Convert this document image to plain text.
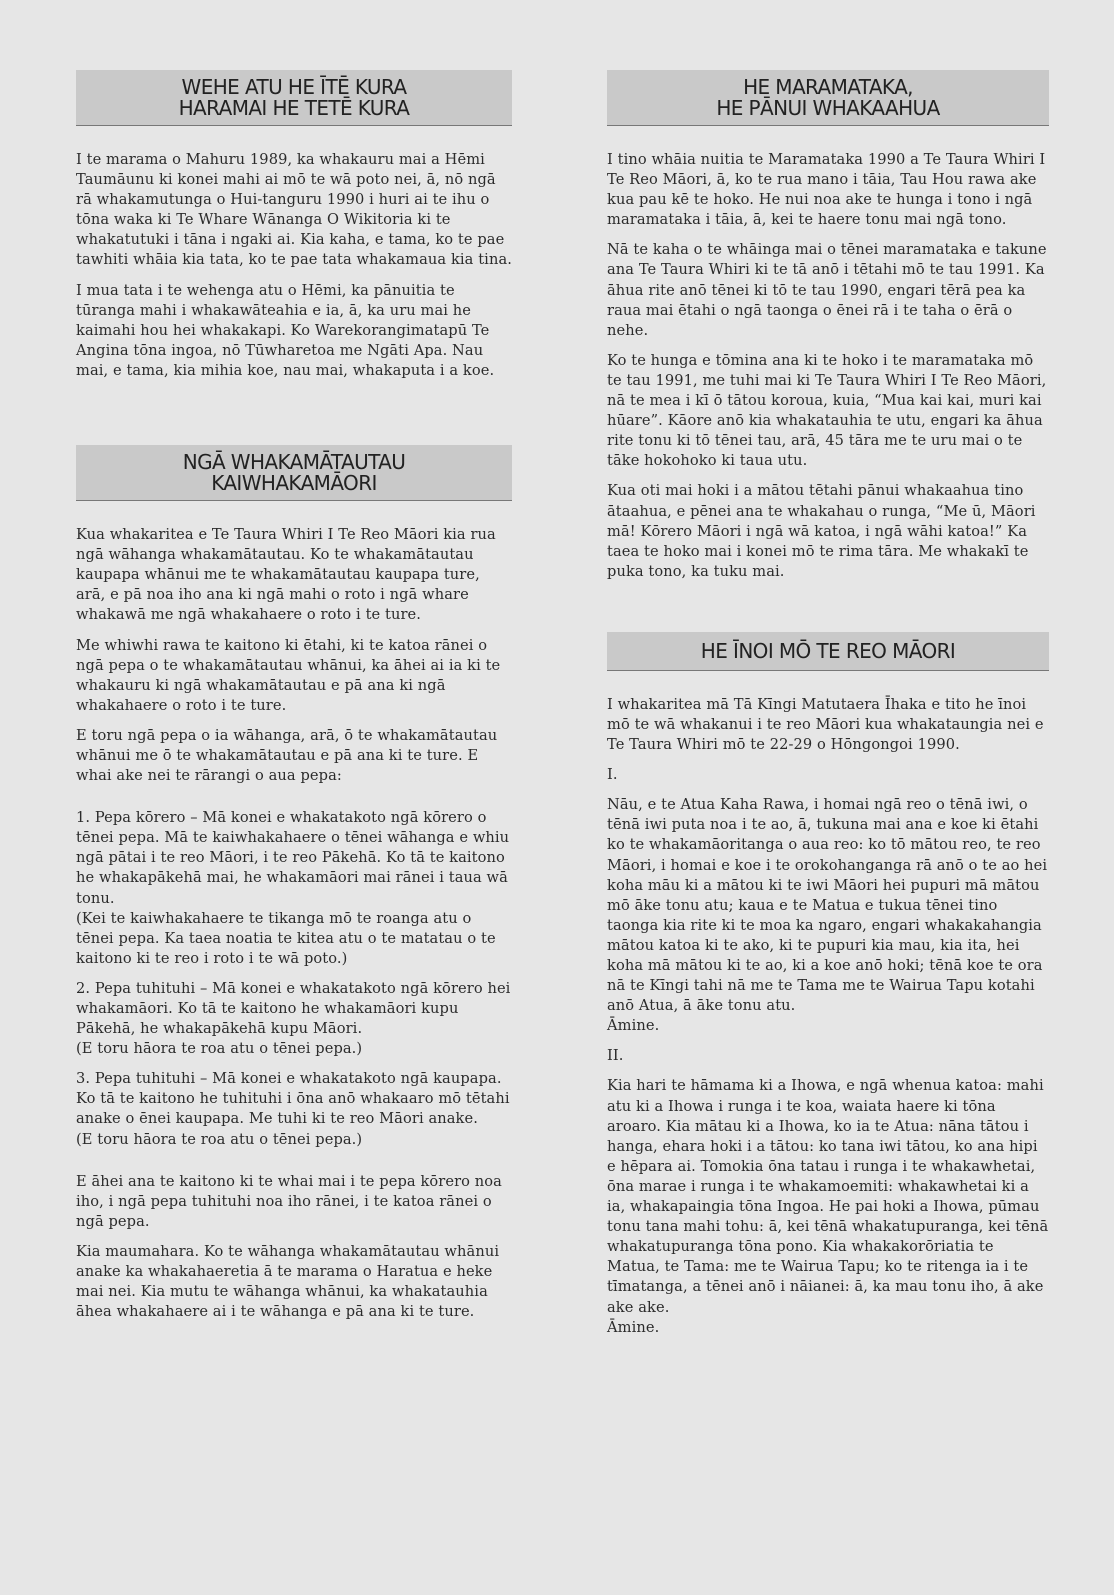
WEHE ATU HE ĪTĒ KURA
HARAMAI HE TETĒ KURA

I te marama o Mahuru 1989, ka whakauru mai a Hēmi Taumāunu ki konei mahi ai mō te wā poto nei, ā, nō ngā rā whakamutunga o Hui-tanguru 1990 i huri ai te ihu o tōna waka ki Te Whare Wānanga O Wikitoria ki te whakatutuki i tāna i ngaki ai. Kia kaha, e tama, ko te pae tawhiti whāia kia tata, ko te pae tata whakamaua kia tina.

I mua tata i te wehenga atu o Hēmi, ka pānuitia te tūranga mahi i whakawāteahia e ia, ā, ka uru mai he kaimahi hou hei whakakapi. Ko Warekorangimatapū Te Angina tōna ingoa, nō Tūwharetoa me Ngāti Apa. Nau mai, e tama, kia mihia koe, nau mai, whakaputa i a koe.

NGĀ WHAKAMĀTAUTAU
KAIWHAKAMĀORI

Kua whakaritea e Te Taura Whiri I Te Reo Māori kia rua ngā wāhanga whakamātautau. Ko te whakamātautau kaupapa whānui me te whakamātautau kaupapa ture, arā, e pā noa iho ana ki ngā mahi o roto i ngā whare whakawā me ngā whakahaere o roto i te ture.

Me whiwhi rawa te kaitono ki ētahi, ki te katoa rānei o ngā pepa o te whakamātautau whānui, ka āhei ai ia ki te whakauru ki ngā whakamātautau e pā ana ki ngā whakahaere o roto i te ture.

E toru ngā pepa o ia wāhanga, arā, ō te whakamātautau whānui me ō te whakamātautau e pā ana ki te ture. E whai ake nei te rārangi o aua pepa:

1. Pepa kōrero – Mā konei e whakatakoto ngā kōrero o tēnei pepa. Mā te kaiwhakahaere o tēnei wāhanga e whiu ngā pātai i te reo Māori, i te reo Pākehā. Ko tā te kaitono he whakapākehā mai, he whakamāori mai rānei i taua wā tonu.
(Kei te kaiwhakahaere te tikanga mō te roanga atu o tēnei pepa. Ka taea noatia te kitea atu o te matatau o te kaitono ki te reo i roto i te wā poto.)

2. Pepa tuhituhi – Mā konei e whakatakoto ngā kōrero hei whakamāori. Ko tā te kaitono he whakamāori kupu Pākehā, he whakapākehā kupu Māori.
(E toru hāora te roa atu o tēnei pepa.)

3. Pepa tuhituhi – Mā konei e whakatakoto ngā kaupapa. Ko tā te kaitono he tuhituhi i ōna anō whakaaro mō tētahi anake o ēnei kaupapa. Me tuhi ki te reo Māori anake.
(E toru hāora te roa atu o tēnei pepa.)

E āhei ana te kaitono ki te whai mai i te pepa kōrero noa iho, i ngā pepa tuhituhi noa iho rānei, i te katoa rānei o ngā pepa.

Kia maumahara. Ko te wāhanga whakamātautau whānui anake ka whakahaeretia ā te marama o Haratua e heke mai nei. Kia mutu te wāhanga whānui, ka whakatauhia āhea whakahaere ai i te wāhanga e pā ana ki te ture.

HE MARAMATAKA,
HE PĀNUI WHAKAAHUA

I tino whāia nuitia te Maramataka 1990 a Te Taura Whiri I Te Reo Māori, ā, ko te rua mano i tāia, Tau Hou rawa ake kua pau kē te hoko. He nui noa ake te hunga i tono i ngā maramataka i tāia, ā, kei te haere tonu mai ngā tono.

Nā te kaha o te whāinga mai o tēnei maramataka e takune ana Te Taura Whiri ki te tā anō i tētahi mō te tau 1991. Ka āhua rite anō tēnei ki tō te tau 1990, engari tērā pea ka raua mai ētahi o ngā taonga o ēnei rā i te taha o ērā o nehe.

Ko te hunga e tōmina ana ki te hoko i te maramataka mō te tau 1991, me tuhi mai ki Te Taura Whiri I Te Reo Māori, nā te mea i kī ō tātou koroua, kuia, “Mua kai kai, muri kai hūare”. Kāore anō kia whakatauhia te utu, engari ka āhua rite tonu ki tō tēnei tau, arā, 45 tāra me te uru mai o te tāke hokohoko ki taua utu.

Kua oti mai hoki i a mātou tētahi pānui whakaahua tino ātaahua, e pēnei ana te whakahau o runga, “Me ū, Māori mā! Kōrero Māori i ngā wā katoa, i ngā wāhi katoa!” Ka taea te hoko mai i konei mō te rima tāra. Me whakakī te puka tono, ka tuku mai.

HE ĪNOI MŌ TE REO MĀORI

I whakaritea mā Tā Kīngi Matutaera Īhaka e tito he īnoi mō te wā whakanui i te reo Māori kua whakataungia nei e Te Taura Whiri mō te 22-29 o Hōngongoi 1990.

I.

Nāu, e te Atua Kaha Rawa, i homai ngā reo o tēnā iwi, o tēnā iwi puta noa i te ao, ā, tukuna mai ana e koe ki ētahi ko te whakamāoritanga o aua reo: ko tō mātou reo, te reo Māori, i homai e koe i te orokohanganga rā anō o te ao hei koha māu ki a mātou ki te iwi Māori hei pupuri mā mātou mō āke tonu atu; kaua e te Matua e tukua tēnei tino taonga kia rite ki te moa ka ngaro, engari whakakahangia mātou katoa ki te ako, ki te pupuri kia mau, kia ita, hei koha mā mātou ki te ao, ki a koe anō hoki; tēnā koe te ora nā te Kīngi tahi nā me te Tama me te Wairua Tapu kotahi anō Atua, ā āke tonu atu.
Āmine.

II.

Kia hari te hāmama ki a Ihowa, e ngā whenua katoa: mahi atu ki a Ihowa i runga i te koa, waiata haere ki tōna aroaro. Kia mātau ki a Ihowa, ko ia te Atua: nāna tātou i hanga, ehara hoki i a tātou: ko tana iwi tātou, ko ana hipi e hēpara ai. Tomokia ōna tatau i runga i te whakawhetai, ōna marae i runga i te whakamoemiti: whakawhetai ki a ia, whakapaingia tōna Ingoa. He pai hoki a Ihowa, pūmau tonu tana mahi tohu: ā, kei tēnā whakatupuranga, kei tēnā whakatupuranga tōna pono. Kia whakakorōriatia te Matua, te Tama: me te Wairua Tapu; ko te ritenga ia i te tīmatanga, a tēnei anō i nāianei: ā, ka mau tonu iho, ā ake ake ake.
Āmine.
